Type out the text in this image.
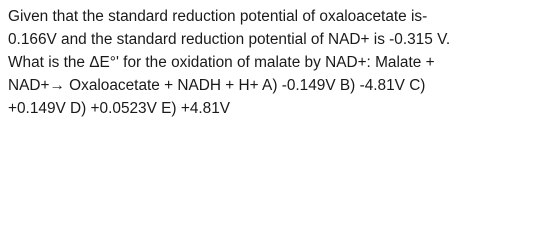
Given that the standard reduction potential of oxaloacetate is-
0.166V and the standard reduction potential of NAD+ is -0.315 V.
What is the ΔE°' for the oxidation of malate by NAD+: Malate +
NAD+→ Oxaloacetate + NADH + H+ A) -0.149V B) -4.81V C)
+0.149V D) +0.0523V E) +4.81V
